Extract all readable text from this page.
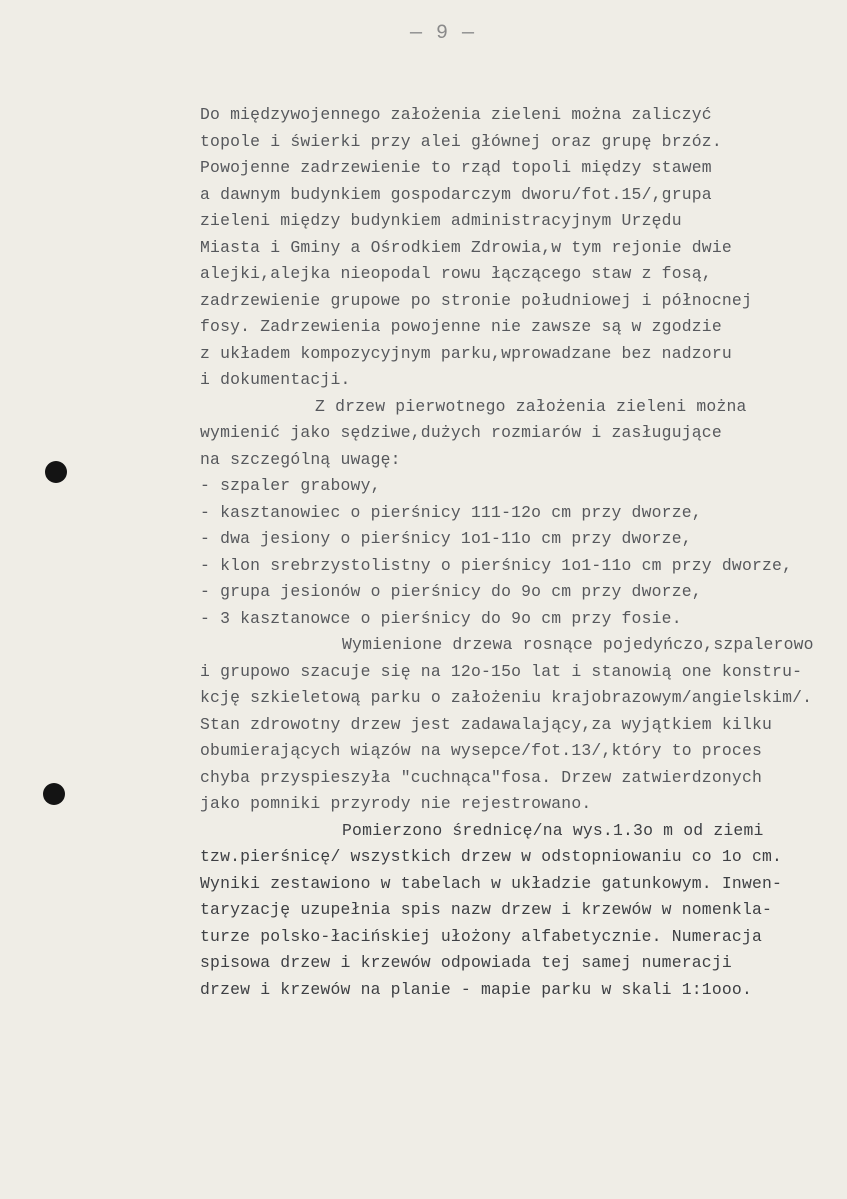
— 9 —
Do międzywojennego założenia zieleni można zaliczyć
topole i świerki przy alei głównej oraz grupę brzóz.
Powojenne zadrzewienie to rząd topoli między stawem
a dawnym budynkiem gospodarczym dworu/fot.15/,grupa
zieleni między budynkiem administracyjnym Urzędu
Miasta i Gminy a Ośrodkiem Zdrowia,w tym rejonie dwie
alejki,alejka nieopodal rowu łączącego staw z fosą,
zadrzewienie grupowe po stronie południowej i północnej
fosy. Zadrzewienia powojenne nie zawsze są w zgodzie
z układem kompozycyjnym parku,wprowadzane bez nadzoru
i dokumentacji.
Z drzew pierwotnego założenia zieleni można
wymienić jako sędziwe,dużych rozmiarów i zasługujące
na szczególną uwagę:
- szpaler grabowy,
- kasztanowiec o pierśnicy 111-12o cm przy dworze,
- dwa jesiony o pierśnicy 1o1-11o cm przy dworze,
- klon srebrzystolistny o pierśnicy 1o1-11o cm przy dworze,
- grupa jesionów o pierśnicy do 9o cm przy dworze,
- 3 kasztanowce o pierśnicy do 9o cm przy fosie.
Wymienione drzewa rosnące pojedyńczo,szpalerowo
i grupowo szacuje się na 12o-15o lat i stanowią one konstru-
kcję szkieletową parku o założeniu krajobrazowym/angielskim/.
Stan zdrowotny drzew jest zadawalający,za wyjątkiem kilku
obumierających wiązów na wysepce/fot.13/,który to proces
chyba przyspieszyła "cuchnąca"fosa. Drzew zatwierdzonych
jako pomniki przyrody nie rejestrowano.
Pomierzono średnicę/na wys.1.3o m od ziemi
tzw.pierśnicę/ wszystkich drzew w odstopniowaniu co 1o cm.
Wyniki zestawiono w tabelach w układzie gatunkowym. Inwen-
taryzację uzupełnia spis nazw drzew i krzewów w nomenkla-
turze polsko-łacińskiej ułożony alfabetycznie. Numeracja
spisowa drzew i krzewów odpowiada tej samej numeracji
drzew i krzewów na planie - mapie parku w skali 1:1ooo.
